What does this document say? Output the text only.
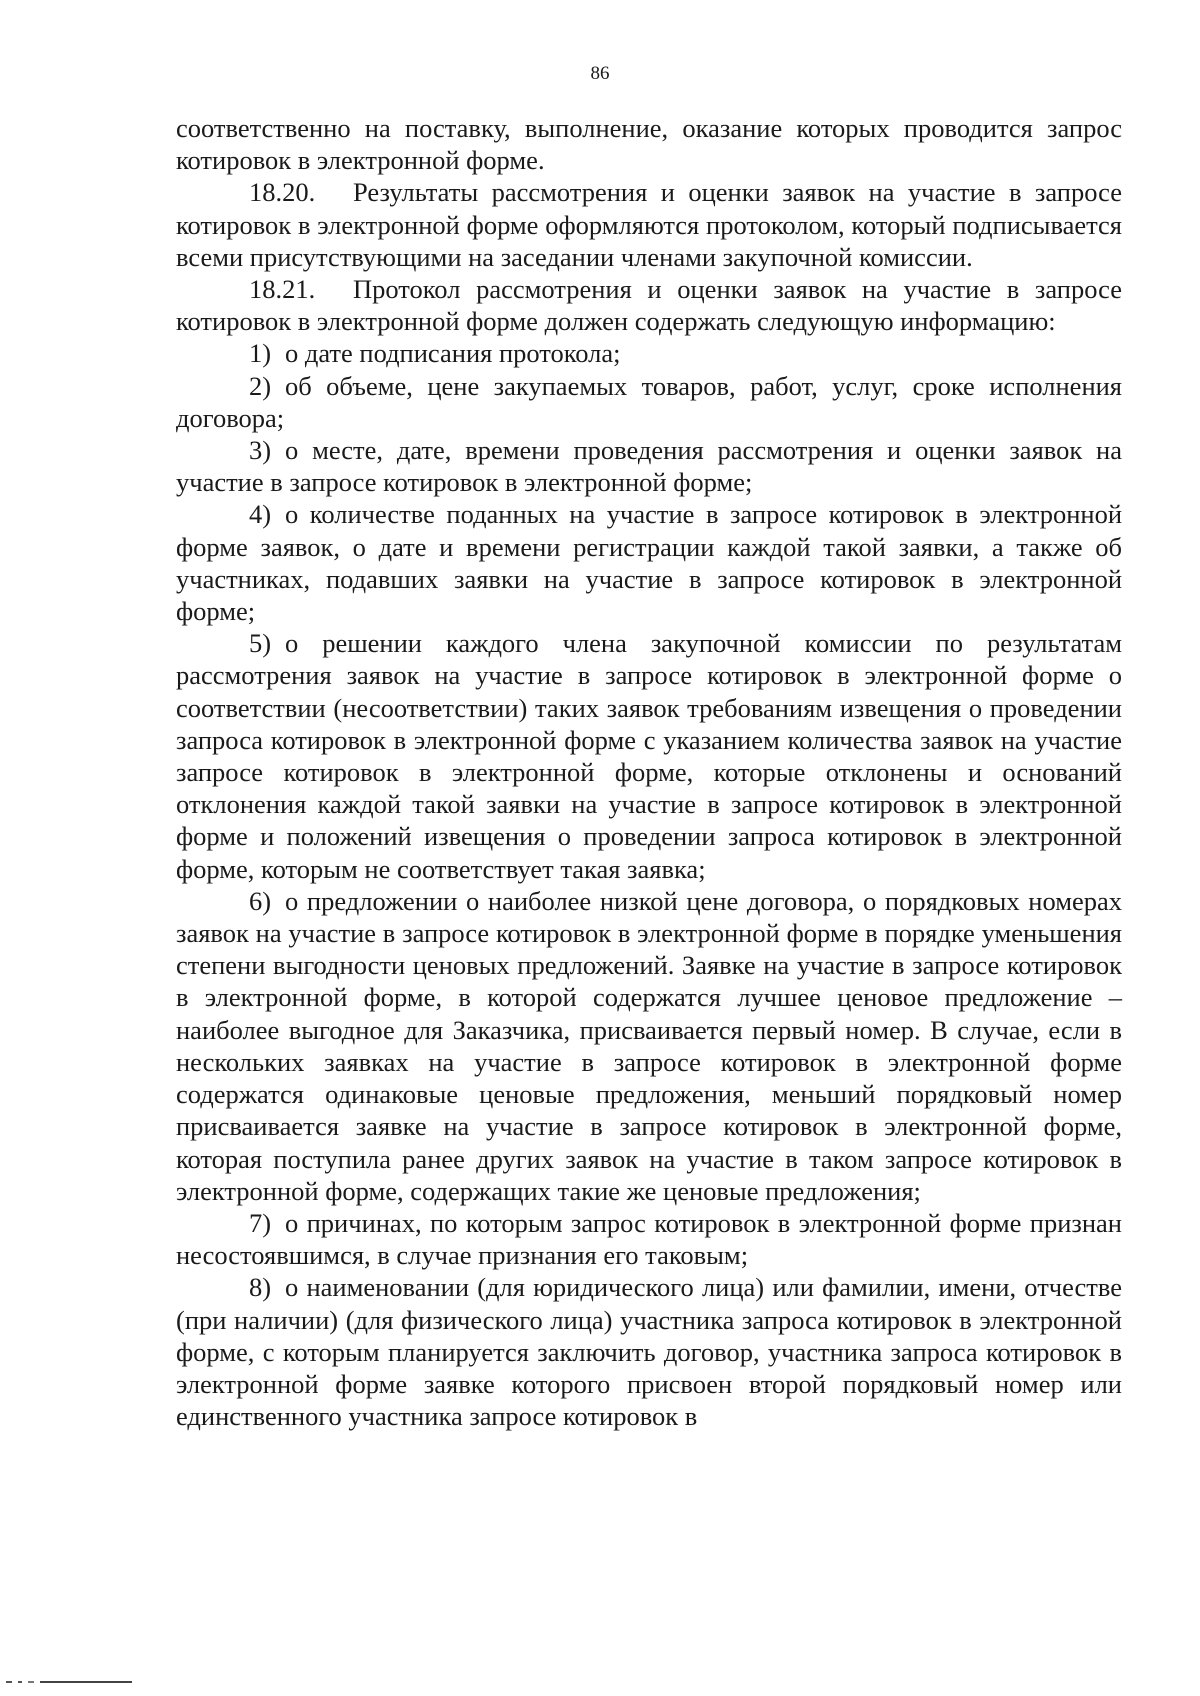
86

соответственно на поставку, выполнение, оказание которых проводится запрос котировок в электронной форме.

18.20. Результаты рассмотрения и оценки заявок на участие в запросе котировок в электронной форме оформляются протоколом, который подписывается всеми присутствующими на заседании членами закупочной комиссии.

18.21. Протокол рассмотрения и оценки заявок на участие в запросе котировок в электронной форме должен содержать следующую информацию:

1) о дате подписания протокола;

2) об объеме, цене закупаемых товаров, работ, услуг, сроке исполнения договора;

3) о месте, дате, времени проведения рассмотрения и оценки заявок на участие в запросе котировок в электронной форме;

4) о количестве поданных на участие в запросе котировок в электронной форме заявок, о дате и времени регистрации каждой такой заявки, а также об участниках, подавших заявки на участие в запросе котировок в электронной форме;

5) о решении каждого члена закупочной комиссии по результатам рассмотрения заявок на участие в запросе котировок в электронной форме о соответствии (несоответствии) таких заявок требованиям извещения о проведении запроса котировок в электронной форме с указанием количества заявок на участие запросе котировок в электронной форме, которые отклонены и оснований отклонения каждой такой заявки на участие в запросе котировок в электронной форме и положений извещения о проведении запроса котировок в электронной форме, которым не соответствует такая заявка;

6) о предложении о наиболее низкой цене договора, о порядковых номерах заявок на участие в запросе котировок в электронной форме в порядке уменьшения степени выгодности ценовых предложений. Заявке на участие в запросе котировок в электронной форме, в которой содержатся лучшее ценовое предложение – наиболее выгодное для Заказчика, присваивается первый номер. В случае, если в нескольких заявках на участие в запросе котировок в электронной форме содержатся одинаковые ценовые предложения, меньший порядковый номер присваивается заявке на участие в запросе котировок в электронной форме, которая поступила ранее других заявок на участие в таком запросе котировок в электронной форме, содержащих такие же ценовые предложения;

7) о причинах, по которым запрос котировок в электронной форме признан несостоявшимся, в случае признания его таковым;

8) о наименовании (для юридического лица) или фамилии, имени, отчестве (при наличии) (для физического лица) участника запроса котировок в электронной форме, с которым планируется заключить договор, участника запроса котировок в электронной форме заявке которого присвоен второй порядковый номер или единственного участника запросе котировок в
